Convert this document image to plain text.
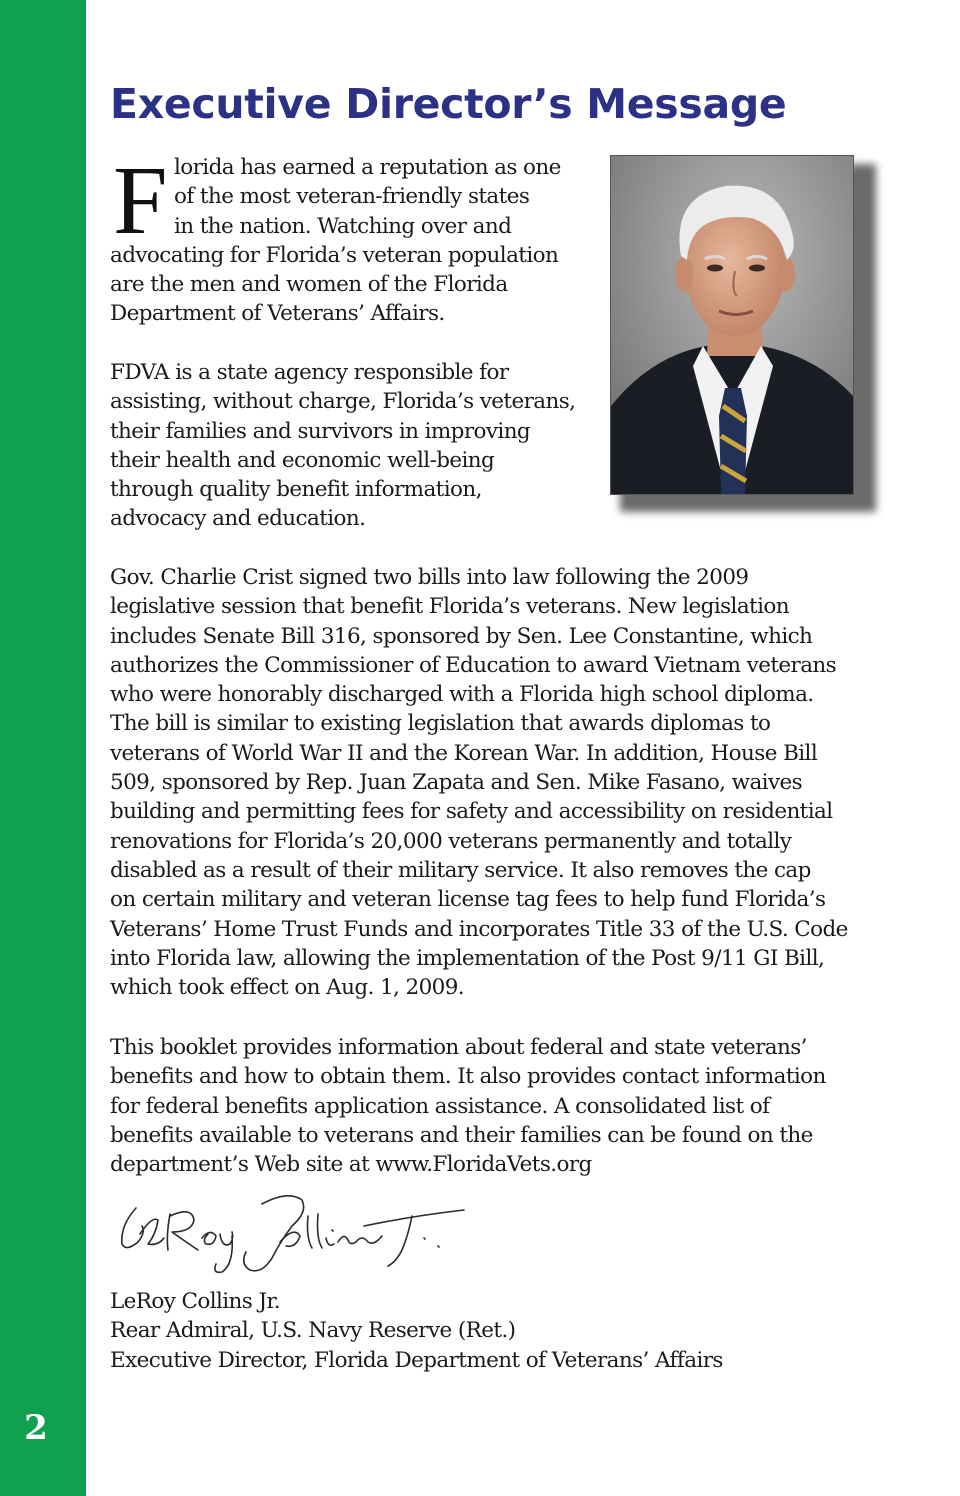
2
Executive Director’s Message
F lorida has earned a reputation as one
of the most veteran-friendly states
in the nation. Watching over and
advocating for Florida’s veteran population
are the men and women of the Florida
Department of Veterans’ Affairs.

FDVA is a state agency responsible for
assisting, without charge, Florida’s veterans,
their families and survivors in improving
their health and economic well-being
through quality benefit information,
advocacy and education.

Gov. Charlie Crist signed two bills into law following the 2009
legislative session that benefit Florida’s veterans. New legislation
includes Senate Bill 316, sponsored by Sen. Lee Constantine, which
authorizes the Commissioner of Education to award Vietnam veterans
who were honorably discharged with a Florida high school diploma.
The bill is similar to existing legislation that awards diplomas to
veterans of World War II and the Korean War. In addition, House Bill
509, sponsored by Rep. Juan Zapata and Sen. Mike Fasano, waives
building and permitting fees for safety and accessibility on residential
renovations for Florida’s 20,000 veterans permanently and totally
disabled as a result of their military service. It also removes the cap
on certain military and veteran license tag fees to help fund Florida’s
Veterans’ Home Trust Funds and incorporates Title 33 of the U.S. Code
into Florida law, allowing the implementation of the Post 9/11 GI Bill,
which took effect on Aug. 1, 2009.

This booklet provides information about federal and state veterans’
benefits and how to obtain them. It also provides contact information
for federal benefits application assistance. A consolidated list of
benefits available to veterans and their families can be found on the
department’s Web site at www.FloridaVets.org

LeRoy Collins Jr.
Rear Admiral, U.S. Navy Reserve (Ret.)
Executive Director, Florida Department of Veterans’ Affairs
